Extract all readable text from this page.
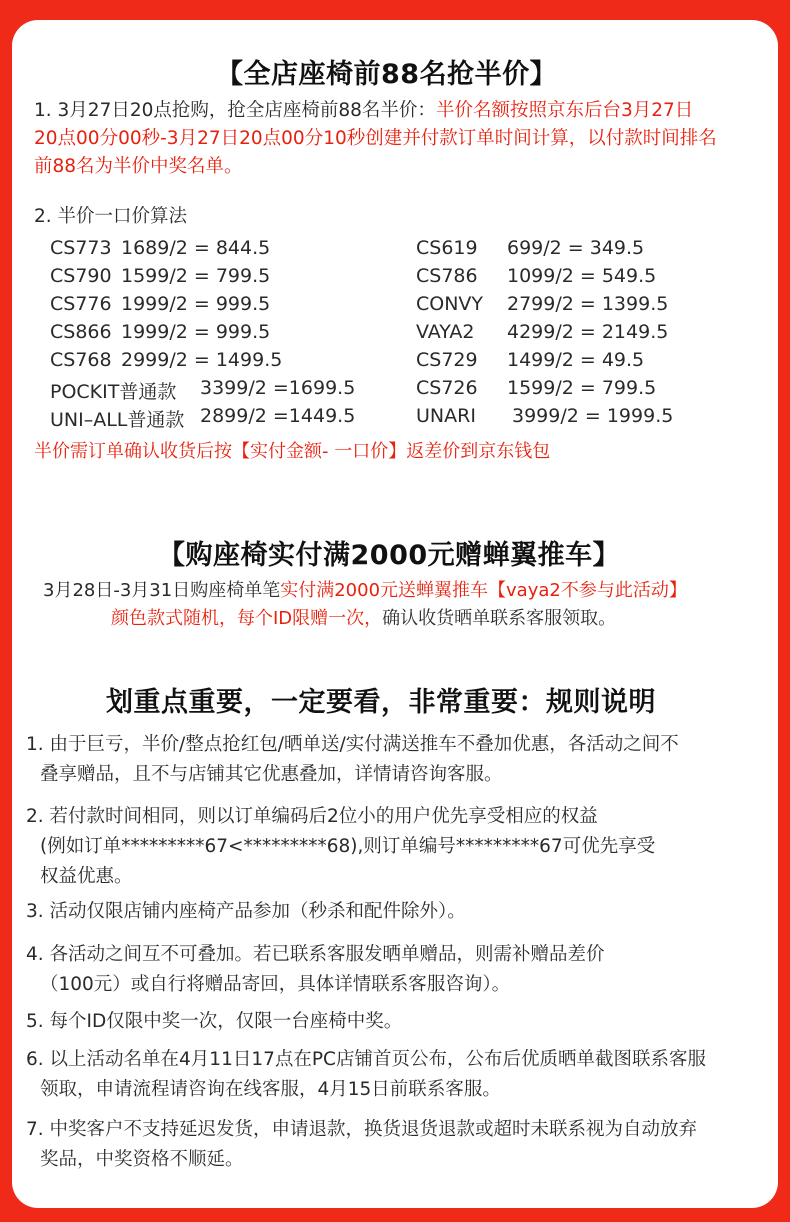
【全店座椅前88名抢半价】
1. 3月27日20点抢购，抢全店座椅前88名半价：半价名额按照京东后台3月27日
20点00分00秒-3月27日20点00分10秒创建并付款订单时间计算，以付款时间排名
前88名为半价中奖名单。
2. 半价一口价算法
半价需订单确认收货后按【实付金额- 一口价】返差价到京东钱包
【购座椅实付满2000元赠蝉翼推车】
3月28日-3月31日购座椅单笔实付满2000元送蝉翼推车【vaya2不参与此活动】
颜色款式随机，每个ID限赠一次，确认收货晒单联系客服领取。
划重点重要，一定要看，非常重要：规则说明
CS773 1689/2 = 844.5
CS790 1599/2 = 799.5
CS776 1999/2 = 999.5
CS866 1999/2 = 999.5
CS768 2999/2 = 1499.5
POCKIT普通款 3399/2 =1699.5
UNI–ALL普通款 2899/2 =1449.5
CS619 699/2 = 349.5
CS786 1099/2 = 549.5
CONVY 2799/2 = 1399.5
VAYA2 4299/2 = 2149.5
CS729 1499/2 = 49.5
CS726 1599/2 = 799.5
UNARI 3999/2 = 1999.5
1. 由于巨亏，半价/整点抢红包/晒单送/实付满送推车不叠加优惠，各活动之间不
叠享赠品，且不与店铺其它优惠叠加，详情请咨询客服。
2. 若付款时间相同，则以订单编码后2位小的用户优先享受相应的权益
(例如订单*********67<*********68),则订单编号*********67可优先享受
权益优惠。
3. 活动仅限店铺内座椅产品参加（秒杀和配件除外）。
4. 各活动之间互不可叠加。若已联系客服发晒单赠品，则需补赠品差价
（100元）或自行将赠品寄回，具体详情联系客服咨询）。
5. 每个ID仅限中奖一次，仅限一台座椅中奖。
6. 以上活动名单在4月11日17点在PC店铺首页公布，公布后优质晒单截图联系客服
领取，申请流程请咨询在线客服，4月15日前联系客服。
7. 中奖客户不支持延迟发货，申请退款，换货退货退款或超时未联系视为自动放弃
奖品，中奖资格不顺延。
